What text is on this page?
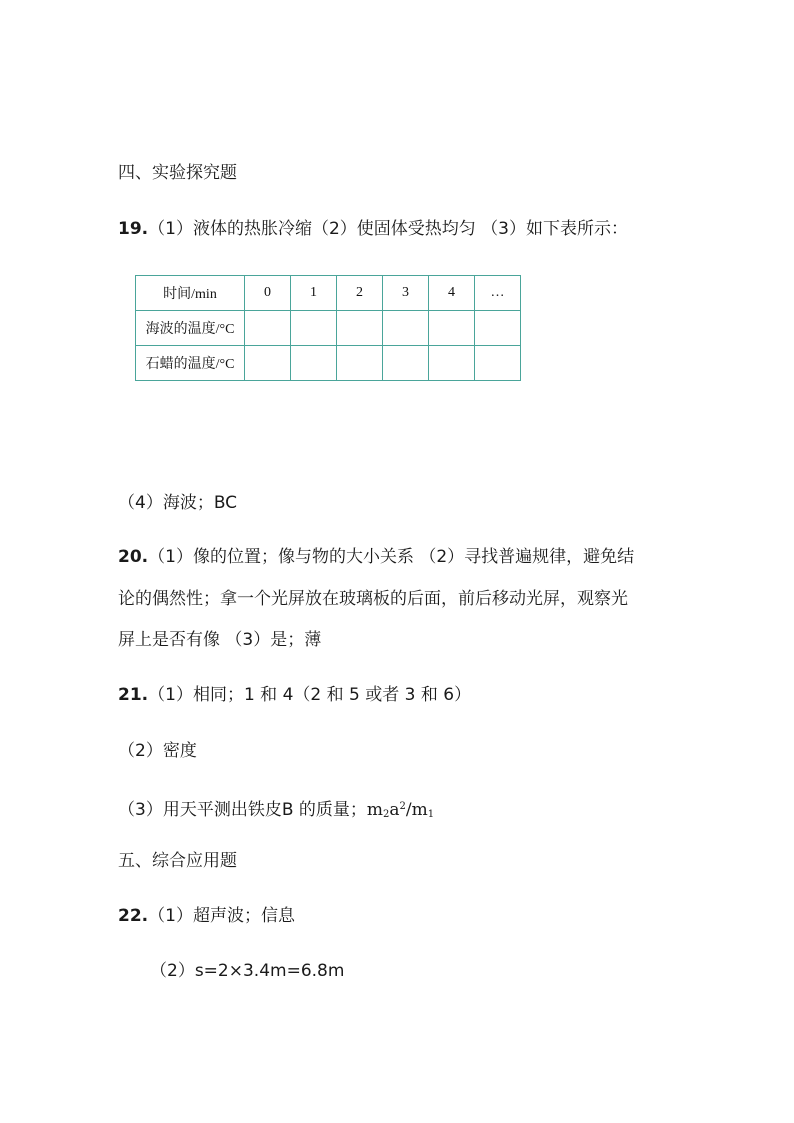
四、实验探究题
19.（1）液体的热胀冷缩（2）使固体受热均匀 （3）如下表所示：
时间/min	0	1	2	3	4	…
海波的温度/°C						
石蜡的温度/°C						
（4）海波；BC
20.（1）像的位置；像与物的大小关系 （2）寻找普遍规律，避免结
论的偶然性；拿一个光屏放在玻璃板的后面，前后移动光屏，观察光
屏上是否有像 （3）是；薄
21.（1）相同；1 和 4（2 和 5 或者 3 和 6）
（2）密度
（3）用天平测出铁皮B 的质量；$m_2a^2/m_1$
五、综合应用题
22.（1）超声波；信息
（2）s=2×3.4m=6.8m
